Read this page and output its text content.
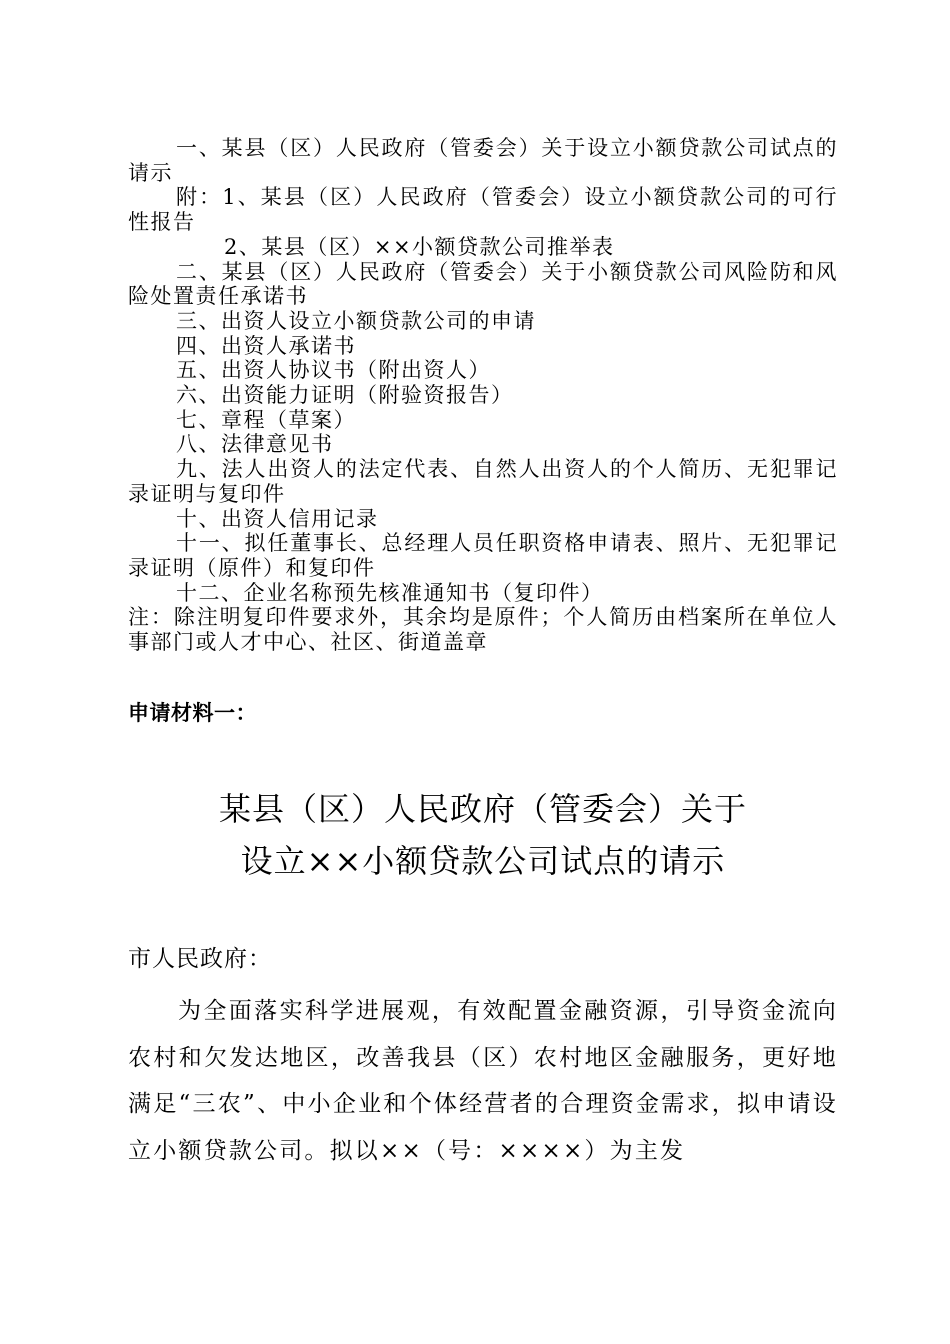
一、某县（区）人民政府（管委会）关于设立小额贷款公司试点的请示

附：1、某县（区）人民政府（管委会）设立小额贷款公司的可行性报告

2、某县（区）××小额贷款公司推举表

二、某县（区）人民政府（管委会）关于小额贷款公司风险防和风险处置责任承诺书

三、出资人设立小额贷款公司的申请

四、出资人承诺书

五、出资人协议书（附出资人）

六、出资能力证明（附验资报告）

七、章程（草案）

八、法律意见书

九、法人出资人的法定代表、自然人出资人的个人简历、无犯罪记录证明与复印件

十、出资人信用记录

十一、拟任董事长、总经理人员任职资格申请表、照片、无犯罪记录证明（原件）和复印件

十二、企业名称预先核准通知书（复印件）

注：除注明复印件要求外，其余均是原件；个人简历由档案所在单位人事部门或人才中心、社区、街道盖章

申请材料一：

某县（区）人民政府（管委会）关于
设立××小额贷款公司试点的请示

市人民政府：

为全面落实科学进展观，有效配置金融资源，引导资金流向农村和欠发达地区，改善我县（区）农村地区金融服务，更好地满足“三农”、中小企业和个体经营者的合理资金需求，拟申请设立小额贷款公司。拟以××（号：××××）为主发
